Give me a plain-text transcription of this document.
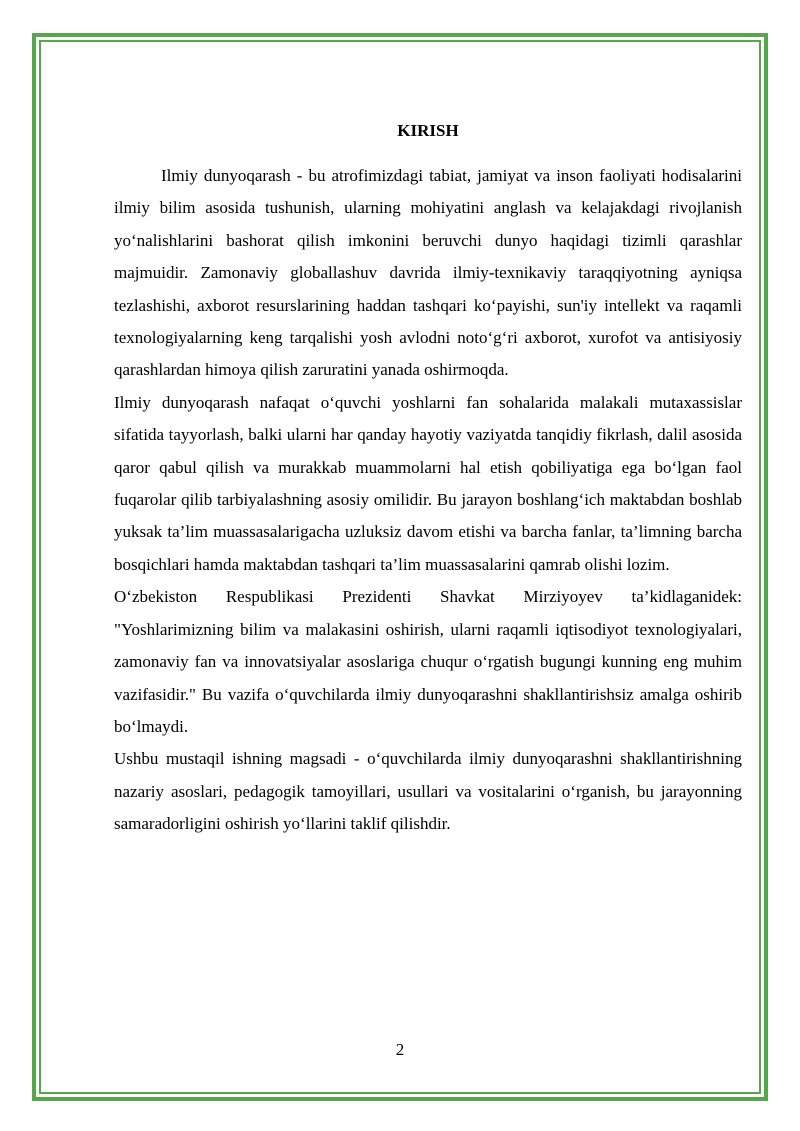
KIRISH

Ilmiy dunyoqarash - bu atrofimizdagi tabiat, jamiyat va inson faoliyati hodisalarini ilmiy bilim asosida tushunish, ularning mohiyatini anglash va kelajakdagi rivojlanish yoʻnalishlarini bashorat qilish imkonini beruvchi dunyo haqidagi tizimli qarashlar majmuidir. Zamonaviy globallashuv davrida ilmiy-texnikaviy taraqqiyotning ayniqsa tezlashishi, axborot resurslarining haddan tashqari koʻpayishi, sun'iy intellekt va raqamli texnologiyalarning keng tarqalishi yosh avlodni notoʻgʻri axborot, xurofot va antisiyosiy qarashlardan himoya qilish zaruratini yanada oshirmoqda.

Ilmiy dunyoqarash nafaqat oʻquvchi yoshlarni fan sohalarida malakali mutaxassislar sifatida tayyorlash, balki ularni har qanday hayotiy vaziyatda tanqidiy fikrlash, dalil asosida qaror qabul qilish va murakkab muammolarni hal etish qobiliyatiga ega boʻlgan faol fuqarolar qilib tarbiyalashning asosiy omilidir. Bu jarayon boshlangʻich maktabdan boshlab yuksak ta’lim muassasalarigacha uzluksiz davom etishi va barcha fanlar, ta’limning barcha bosqichlari hamda maktabdan tashqari ta’lim muassasalarini qamrab olishi lozim.

Oʻzbekiston Respublikasi Prezidenti Shavkat Mirziyoyev ta’kidlaganidek: "Yoshlarimizning bilim va malakasini oshirish, ularni raqamli iqtisodiyot texnologiyalari, zamonaviy fan va innovatsiyalar asoslariga chuqur oʻrgatish bugungi kunning eng muhim vazifasidir." Bu vazifa oʻquvchilarda ilmiy dunyoqarashni shakllantirishsiz amalga oshirib boʻlmaydi.

Ushbu mustaqil ishning magsadi - oʻquvchilarda ilmiy dunyoqarashni shakllantirishning nazariy asoslari, pedagogik tamoyillari, usullari va vositalarini oʻrganish, bu jarayonning samaradorligini oshirish yoʻllarini taklif qilishdir.

2
